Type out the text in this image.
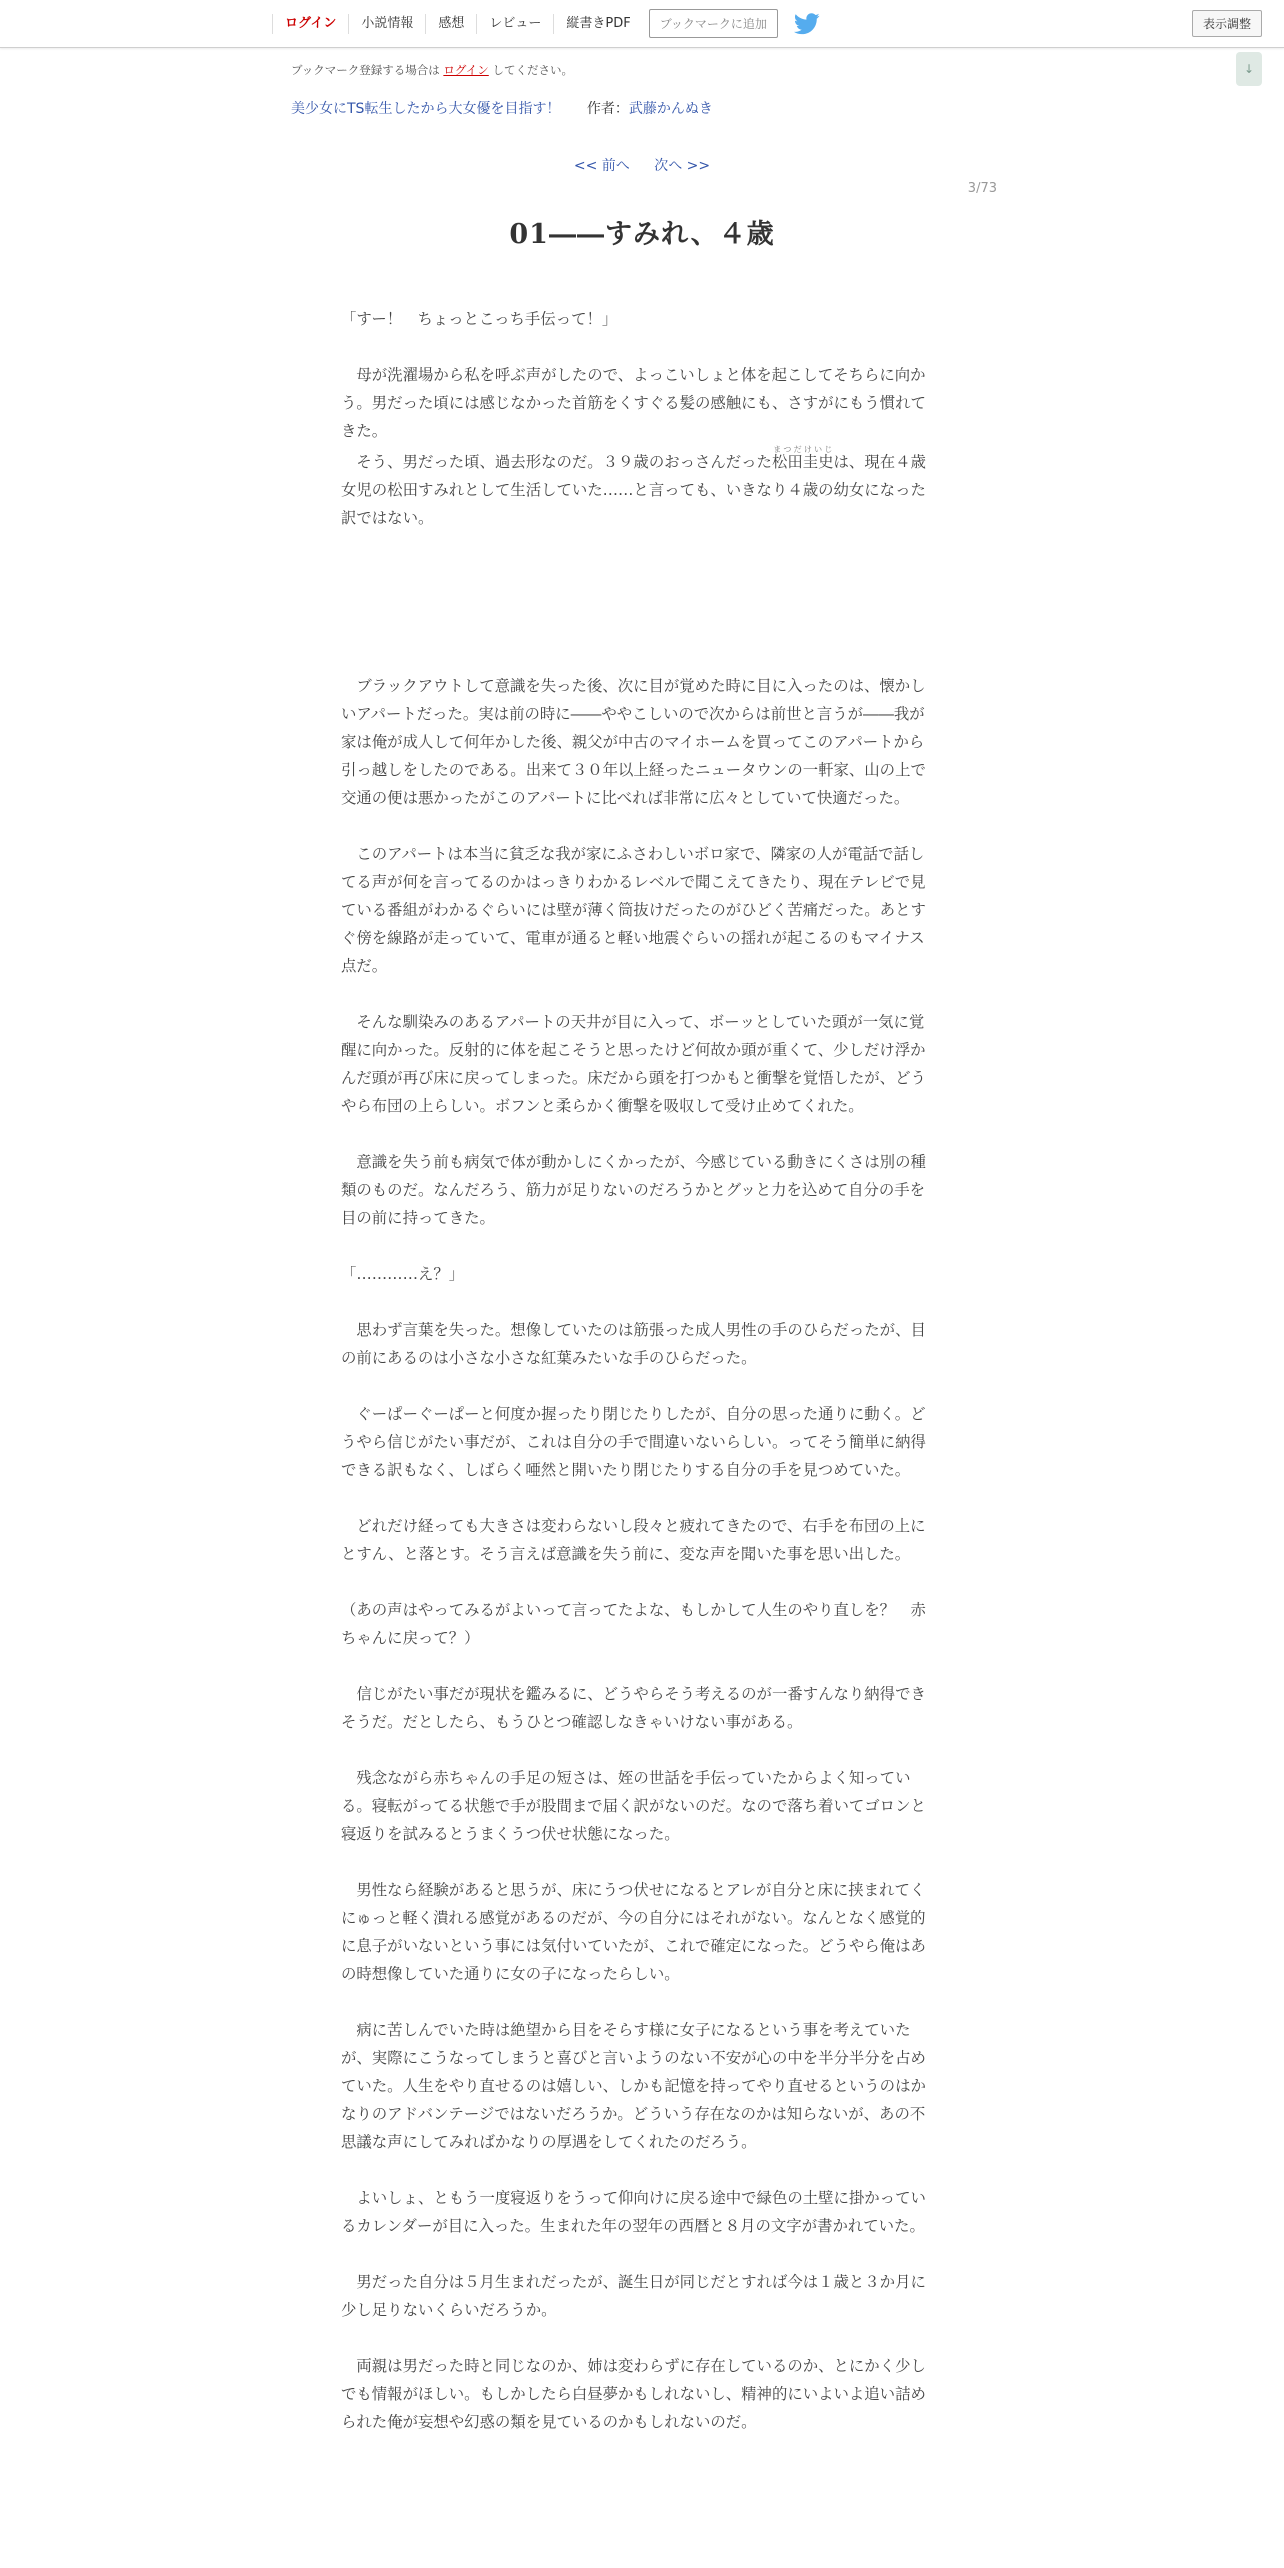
ログイン	小説情報	感想	レビュー	縦書きPDF	ブックマークに追加	表示調整
↓
ブックマーク登録する場合は ログイン してください。
美少女にTS転生したから大女優を目指す！ 作者：武藤かんぬき
<< 前へ 次へ >>
3/73
01――すみれ、４歳

「すー！　ちょっとこっち手伝って！」

　母が洗濯場から私を呼ぶ声がしたので、よっこいしょと体を起こしてそちらに向かう。男だった頃には感じなかった首筋をくすぐる髪の感触にも、さすがにもう慣れてきた。

　そう、男だった頃、過去形なのだ。３９歳のおっさんだった松田圭史まつだけいじは、現在４歳女児の松田すみれとして生活していた……と言っても、いきなり４歳の幼女になった訳ではない。

　ブラックアウトして意識を失った後、次に目が覚めた時に目に入ったのは、懐かしいアパートだった。実は前の時に――ややこしいので次からは前世と言うが――我が家は俺が成人して何年かした後、親父が中古のマイホームを買ってこのアパートから引っ越しをしたのである。出来て３０年以上経ったニュータウンの一軒家、山の上で交通の便は悪かったがこのアパートに比べれば非常に広々としていて快適だった。

　このアパートは本当に貧乏な我が家にふさわしいボロ家で、隣家の人が電話で話してる声が何を言ってるのかはっきりわかるレベルで聞こえてきたり、現在テレビで見ている番組がわかるぐらいには壁が薄く筒抜けだったのがひどく苦痛だった。あとすぐ傍を線路が走っていて、電車が通ると軽い地震ぐらいの揺れが起こるのもマイナス点だ。

　そんな馴染みのあるアパートの天井が目に入って、ボーッとしていた頭が一気に覚醒に向かった。反射的に体を起こそうと思ったけど何故か頭が重くて、少しだけ浮かんだ頭が再び床に戻ってしまった。床だから頭を打つかもと衝撃を覚悟したが、どうやら布団の上らしい。ボフンと柔らかく衝撃を吸収して受け止めてくれた。

　意識を失う前も病気で体が動かしにくかったが、今感じている動きにくさは別の種類のものだ。なんだろう、筋力が足りないのだろうかとグッと力を込めて自分の手を目の前に持ってきた。

「…………え？」

　思わず言葉を失った。想像していたのは筋張った成人男性の手のひらだったが、目の前にあるのは小さな小さな紅葉みたいな手のひらだった。

　ぐーぱーぐーぱーと何度か握ったり閉じたりしたが、自分の思った通りに動く。どうやら信じがたい事だが、これは自分の手で間違いないらしい。ってそう簡単に納得できる訳もなく、しばらく唖然と開いたり閉じたりする自分の手を見つめていた。

　どれだけ経っても大きさは変わらないし段々と疲れてきたので、右手を布団の上にとすん、と落とす。そう言えば意識を失う前に、変な声を聞いた事を思い出した。

（あの声はやってみるがよいって言ってたよな、もしかして人生のやり直しを？　赤ちゃんに戻って？）

　信じがたい事だが現状を鑑みるに、どうやらそう考えるのが一番すんなり納得できそうだ。だとしたら、もうひとつ確認しなきゃいけない事がある。

　残念ながら赤ちゃんの手足の短さは、姪の世話を手伝っていたからよく知っている。寝転がってる状態で手が股間まで届く訳がないのだ。なので落ち着いてゴロンと寝返りを試みるとうまくうつ伏せ状態になった。

　男性なら経験があると思うが、床にうつ伏せになるとアレが自分と床に挟まれてくにゅっと軽く潰れる感覚があるのだが、今の自分にはそれがない。なんとなく感覚的に息子がいないという事には気付いていたが、これで確定になった。どうやら俺はあの時想像していた通りに女の子になったらしい。

　病に苦しんでいた時は絶望から目をそらす様に女子になるという事を考えていたが、実際にこうなってしまうと喜びと言いようのない不安が心の中を半分半分を占めていた。人生をやり直せるのは嬉しい、しかも記憶を持ってやり直せるというのはかなりのアドバンテージではないだろうか。どういう存在なのかは知らないが、あの不思議な声にしてみればかなりの厚遇をしてくれたのだろう。

　よいしょ、ともう一度寝返りをうって仰向けに戻る途中で緑色の土壁に掛かっているカレンダーが目に入った。生まれた年の翌年の西暦と８月の文字が書かれていた。

　男だった自分は５月生まれだったが、誕生日が同じだとすれば今は１歳と３か月に少し足りないくらいだろうか。

　両親は男だった時と同じなのか、姉は変わらずに存在しているのか、とにかく少しでも情報がほしい。もしかしたら白昼夢かもしれないし、精神的にいよいよ追い詰められた俺が妄想や幻惑の類を見ているのかもしれないのだ。
